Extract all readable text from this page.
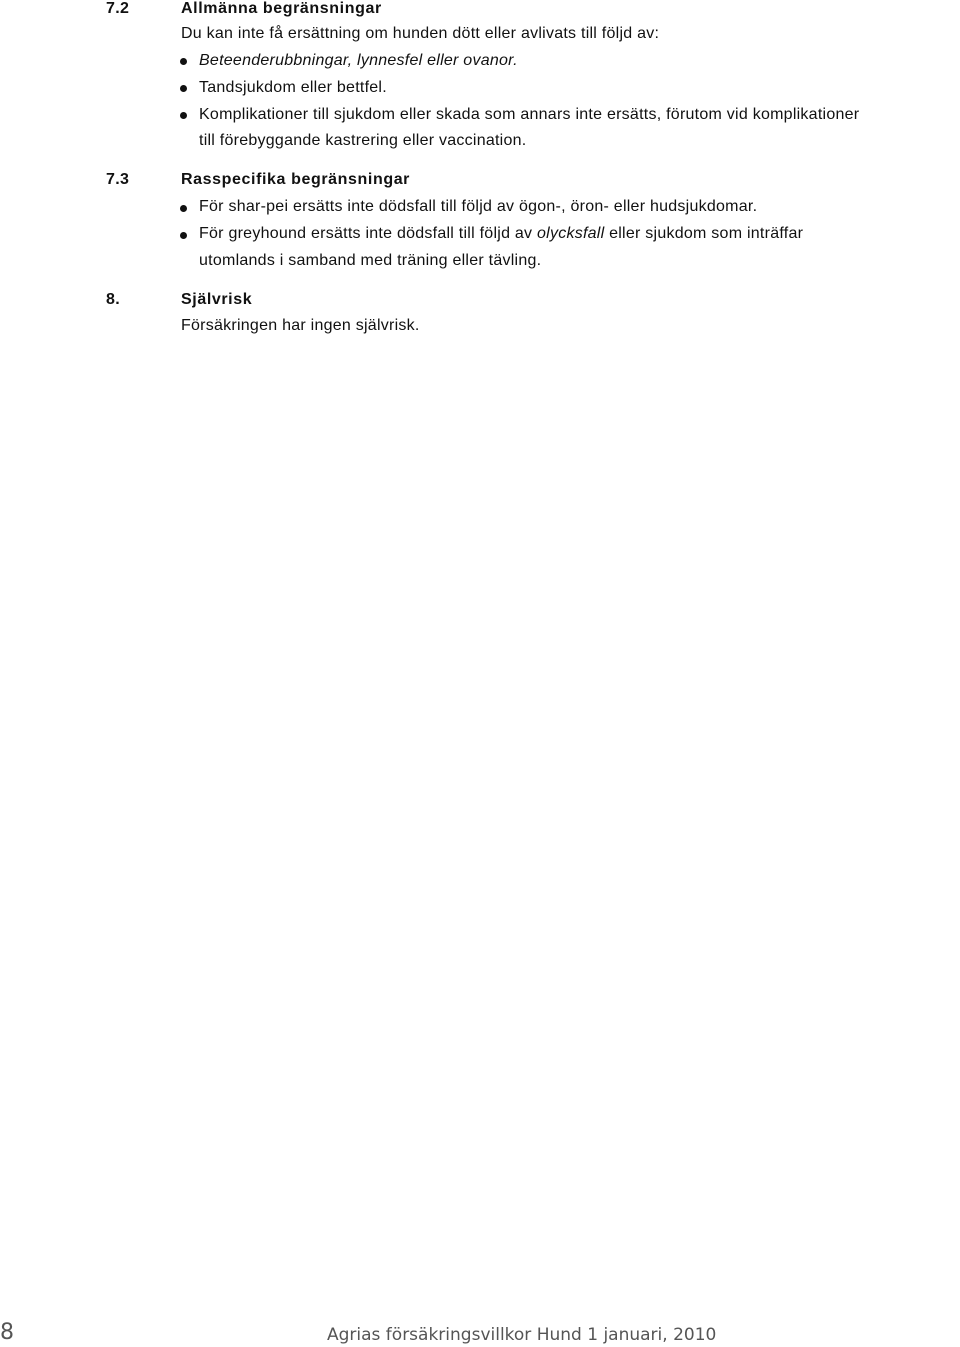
7.2	Allmänna begränsningar
Du kan inte få ersättning om hunden dött eller avlivats till följd av:
Beteenderubbningar, lynnesfel eller ovanor.
Tandsjukdom eller bettfel.
Komplikationer till sjukdom eller skada som annars inte ersätts, förutom vid komplikationer
till förebyggande kastrering eller vaccination.
7.3	Rasspecifika begränsningar
För shar-pei ersätts inte dödsfall till följd av ögon-, öron- eller hudsjukdomar.
För greyhound ersätts inte dödsfall till följd av olycksfall eller sjukdom som inträffar
utomlands i samband med träning eller tävling.
8.	Självrisk
Försäkringen har ingen självrisk.
8	Agrias försäkringsvillkor Hund 1 januari, 2010
